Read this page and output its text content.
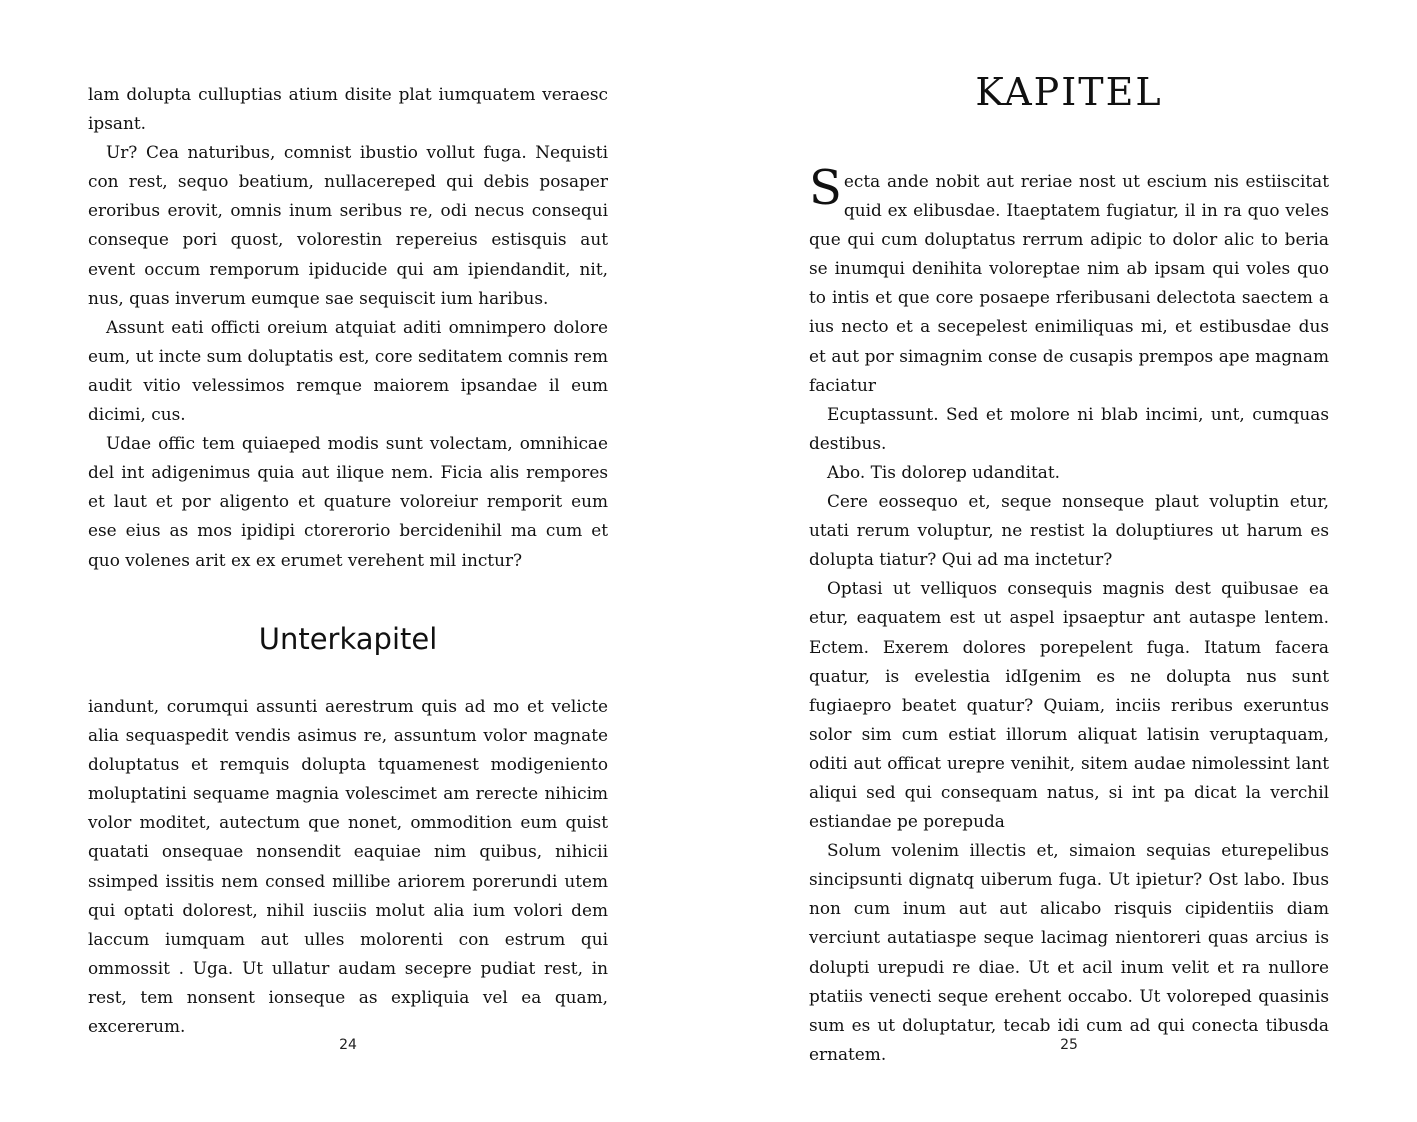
lam dolupta culluptias atium disite plat iumquatem veraesc ipsant.

Ur? Cea naturibus, comnist ibustio vollut fuga. Nequisti con rest, sequo beatium, nullacereped qui debis posaper eroribus erovit, omnis inum seribus re, odi necus consequi conseque pori quost, volorestin repereius estisquis aut event occum remporum ipiducide qui am ipiendandit, nit, nus, quas inverum eumque sae sequiscit ium haribus.

Assunt eati officti oreium atquiat aditi omnimpero dolore eum, ut incte sum doluptatis est, core seditatem comnis rem audit vitio velessimos remque maiorem ipsandae il eum dicimi, cus.

Udae offic tem quiaeped modis sunt volectam, omnihicae del int adigenimus quia aut ilique nem. Ficia alis rempores et laut et por aligento et quature voloreiur remporit eum ese eius as mos ipidipi ctorerorio bercidenihil ma cum et quo volenes arit ex ex erumet verehent mil inctur?

Unterkapitel

iandunt, corumqui assunti aerestrum quis ad mo et velicte alia sequaspedit vendis asimus re, assuntum volor magnate doluptatus et remquis dolupta tquamenest modigeniento moluptatini sequame magnia volescimet am rerecte nihicim volor moditet, autectum que nonet, ommodition eum quist quatati onsequae nonsendit eaquiae nim quibus, nihicii ssimped issitis nem consed millibe ariorem porerundi utem qui optati dolorest, nihil iusciis molut alia ium volori dem laccum iumquam aut ulles molorenti con estrum qui ommossit . Uga. Ut ullatur audam secepre pudiat rest, in rest, tem nonsent ionseque as expliquia vel ea quam, excererum.

24
KAPITEL

Secta ande nobit aut reriae nost ut escium nis estiiscitat quid ex elibusdae. Itaeptatem fugiatur, il in ra quo veles que qui cum doluptatus rerrum adipic to dolor alic to beria se inumqui denihita voloreptae nim ab ipsam qui voles quo to intis et que core posaepe rferibusani delectota saectem a ius necto et a secepelest enimiliquas mi, et estibusdae dus et aut por simagnim conse de cusapis prempos ape magnam faciatur

Ecuptassunt. Sed et molore ni blab incimi, unt, cumquas destibus.

Abo. Tis dolorep udanditat.

Cere eossequo et, seque nonseque plaut voluptin etur, utati rerum voluptur, ne restist la doluptiures ut harum es dolupta tiatur? Qui ad ma inctetur?

Optasi ut velliquos consequis magnis dest quibusae ea etur, eaquatem est ut aspel ipsaeptur ant autaspe lentem. Ectem. Exerem dolores porepelent fuga. Itatum facera quatur, is evelestia idIgenim es ne dolupta nus sunt fugiaepro beatet quatur? Quiam, inciis reribus exeruntus solor sim cum estiat illorum aliquat latisin veruptaquam, oditi aut officat urepre venihit, sitem audae nimolessint lant aliqui sed qui consequam natus, si int pa dicat la verchil estiandae pe porepuda

Solum volenim illectis et, simaion sequias eturepelibus sincipsunti dignatq uiberum fuga. Ut ipietur? Ost labo. Ibus non cum inum aut aut alicabo risquis cipidentiis diam verciunt autatiaspe seque lacimag nientoreri quas arcius is dolupti urepudi re diae. Ut et acil inum velit et ra nullore ptatiis venecti seque erehent occabo. Ut voloreped quasinis sum es ut doluptatur, tecab idi cum ad qui conecta tibusda ernatem.	25
